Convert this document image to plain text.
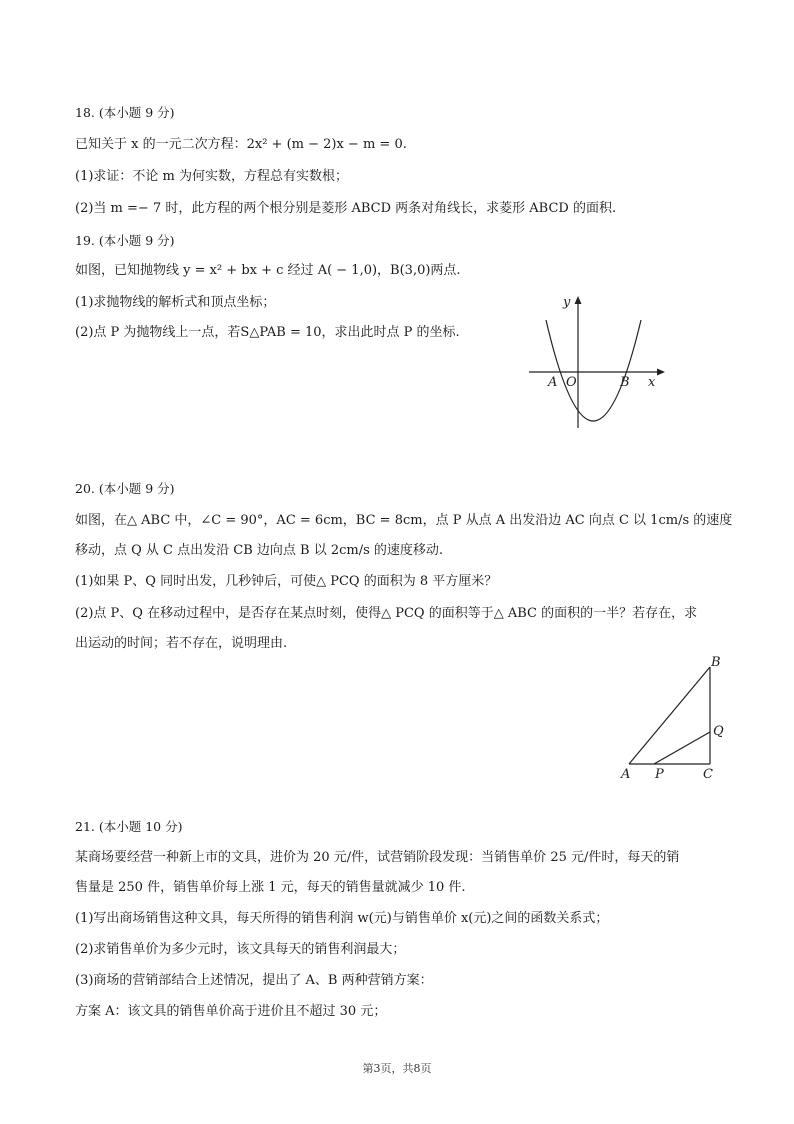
18. (本小题 9 分)
已知关于 x 的一元二次方程：2x² + (m − 2)x − m = 0.
(1)求证：不论 m 为何实数，方程总有实数根；
(2)当 m =− 7 时，此方程的两个根分别是菱形 ABCD 两条对角线长，求菱形 ABCD 的面积.
19. (本小题 9 分)
如图，已知抛物线 y = x² + bx + c 经过 A( − 1,0)，B(3,0)两点.
(1)求抛物线的解析式和顶点坐标；
(2)点 P 为抛物线上一点，若S△PAB = 10，求出此时点 P 的坐标.
y
x
A O	B
20. (本小题 9 分)
如图，在△ ABC 中，∠C = 90°，AC = 6cm，BC = 8cm，点 P 从点 A 出发沿边 AC 向点 C 以 1cm/s 的速度
移动，点 Q 从 C 点出发沿 CB 边向点 B 以 2cm/s 的速度移动.
(1)如果 P、Q 同时出发，几秒钟后，可使△ PCQ 的面积为 8 平方厘米？
(2)点 P、Q 在移动过程中，是否存在某点时刻，使得△ PCQ 的面积等于△ ABC 的面积的一半？若存在，求
出运动的时间；若不存在，说明理由.
A P	C
Q
B
21. (本小题 10 分)
某商场要经营一种新上市的文具，进价为 20 元/件，试营销阶段发现：当销售单价 25 元/件时，每天的销
售量是 250 件，销售单价每上涨 1 元，每天的销售量就减少 10 件.
(1)写出商场销售这种文具，每天所得的销售利润 w(元)与销售单价 x(元)之间的函数关系式；
(2)求销售单价为多少元时，该文具每天的销售利润最大；
(3)商场的营销部结合上述情况，提出了 A、B 两种营销方案：
方案 A：该文具的销售单价高于进价且不超过 30 元；
第3页，共8页
